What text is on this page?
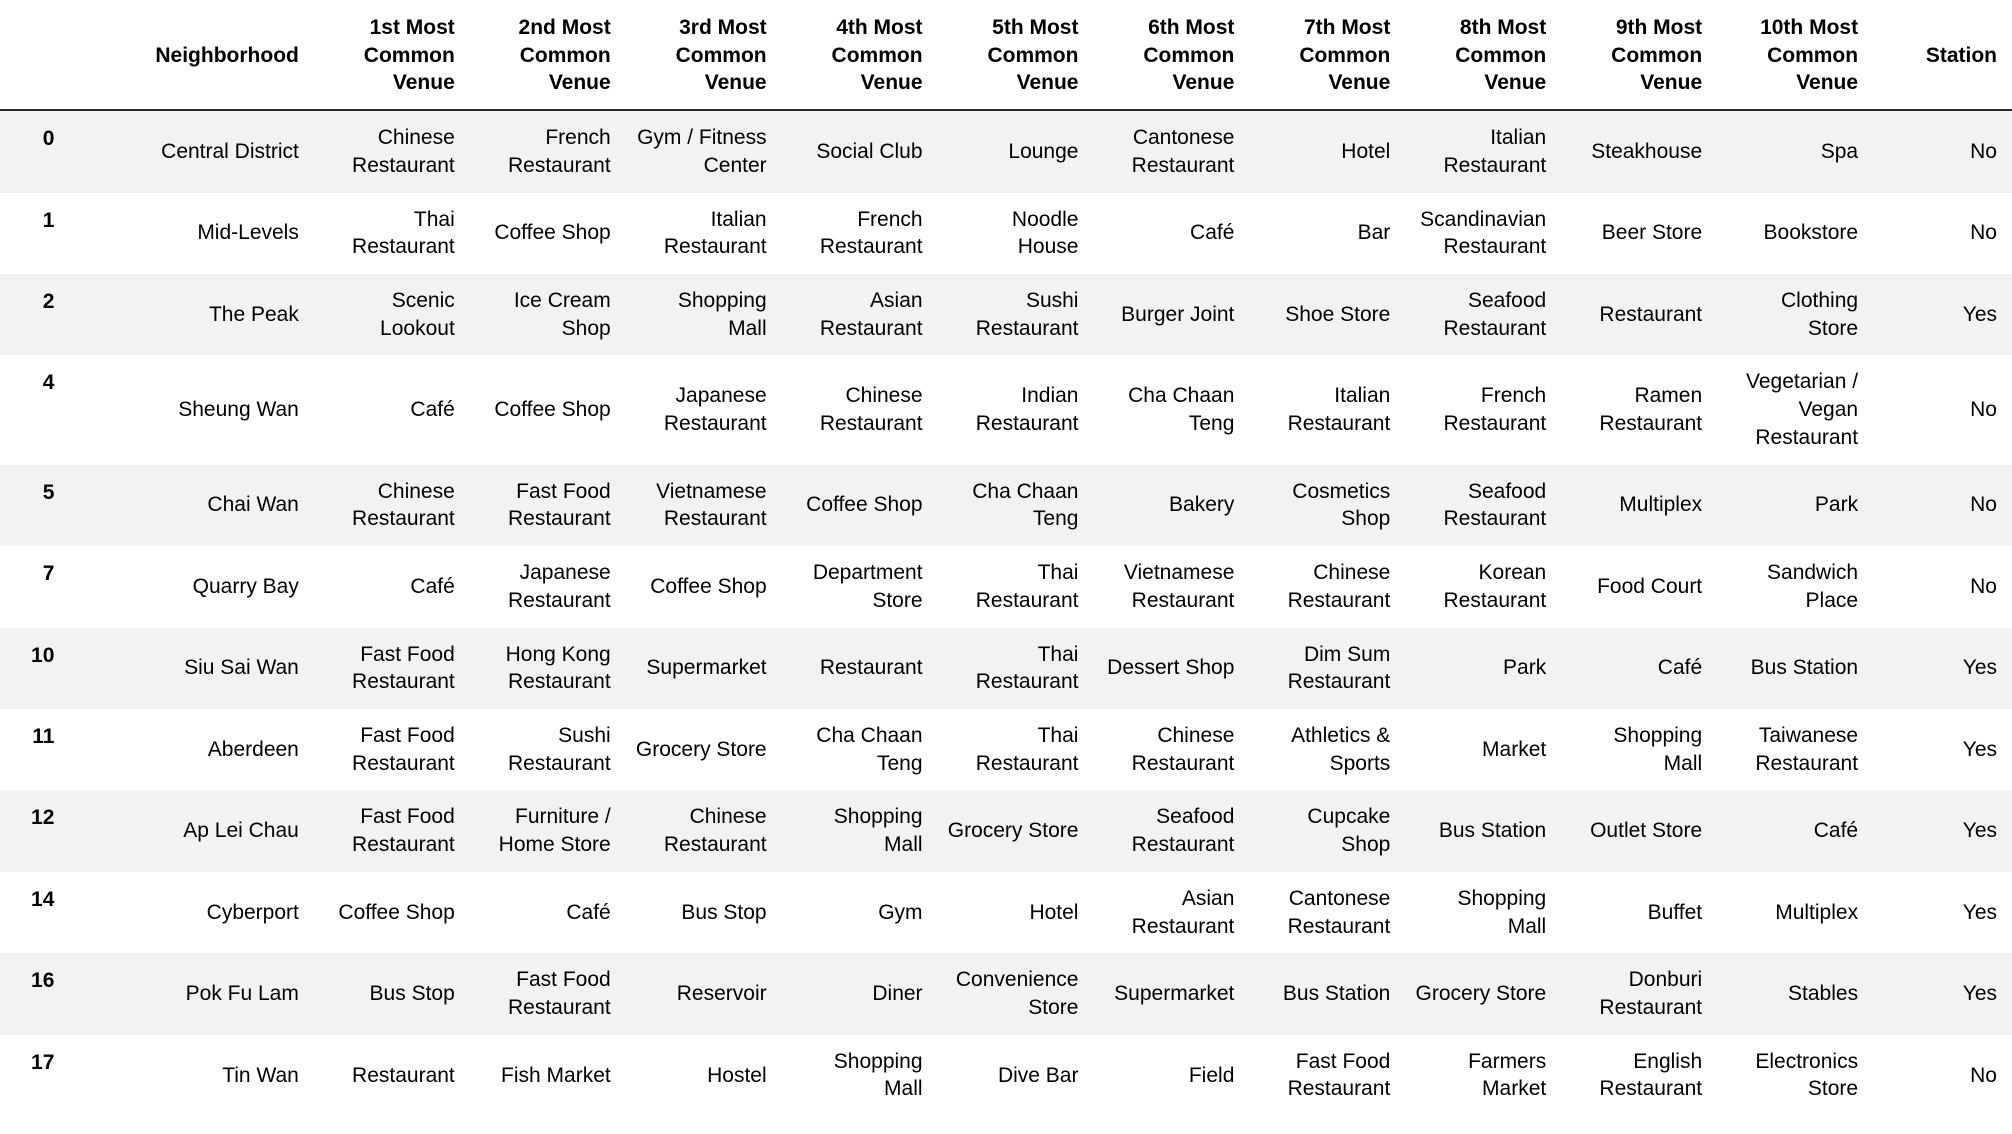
	Neighborhood	1st Most Common Venue	2nd Most Common Venue	3rd Most Common Venue	4th Most Common Venue	5th Most Common Venue	6th Most Common Venue	7th Most Common Venue	8th Most Common Venue	9th Most Common Venue	10th Most Common Venue	Station
0	Central District	Chinese Restaurant	French Restaurant	Gym / Fitness Center	Social Club	Lounge	Cantonese Restaurant	Hotel	Italian Restaurant	Steakhouse	Spa	No
1	Mid-Levels	Thai Restaurant	Coffee Shop	Italian Restaurant	French Restaurant	Noodle House	Café	Bar	Scandinavian Restaurant	Beer Store	Bookstore	No
2	The Peak	Scenic Lookout	Ice Cream Shop	Shopping Mall	Asian Restaurant	Sushi Restaurant	Burger Joint	Shoe Store	Seafood Restaurant	Restaurant	Clothing Store	Yes
4	Sheung Wan	Café	Coffee Shop	Japanese Restaurant	Chinese Restaurant	Indian Restaurant	Cha Chaan Teng	Italian Restaurant	French Restaurant	Ramen Restaurant	Vegetarian / Vegan Restaurant	No
5	Chai Wan	Chinese Restaurant	Fast Food Restaurant	Vietnamese Restaurant	Coffee Shop	Cha Chaan Teng	Bakery	Cosmetics Shop	Seafood Restaurant	Multiplex	Park	No
7	Quarry Bay	Café	Japanese Restaurant	Coffee Shop	Department Store	Thai Restaurant	Vietnamese Restaurant	Chinese Restaurant	Korean Restaurant	Food Court	Sandwich Place	No
10	Siu Sai Wan	Fast Food Restaurant	Hong Kong Restaurant	Supermarket	Restaurant	Thai Restaurant	Dessert Shop	Dim Sum Restaurant	Park	Café	Bus Station	Yes
11	Aberdeen	Fast Food Restaurant	Sushi Restaurant	Grocery Store	Cha Chaan Teng	Thai Restaurant	Chinese Restaurant	Athletics & Sports	Market	Shopping Mall	Taiwanese Restaurant	Yes
12	Ap Lei Chau	Fast Food Restaurant	Furniture / Home Store	Chinese Restaurant	Shopping Mall	Grocery Store	Seafood Restaurant	Cupcake Shop	Bus Station	Outlet Store	Café	Yes
14	Cyberport	Coffee Shop	Café	Bus Stop	Gym	Hotel	Asian Restaurant	Cantonese Restaurant	Shopping Mall	Buffet	Multiplex	Yes
16	Pok Fu Lam	Bus Stop	Fast Food Restaurant	Reservoir	Diner	Convenience Store	Supermarket	Bus Station	Grocery Store	Donburi Restaurant	Stables	Yes
17	Tin Wan	Restaurant	Fish Market	Hostel	Shopping Mall	Dive Bar	Field	Fast Food Restaurant	Farmers Market	English Restaurant	Electronics Store	No
